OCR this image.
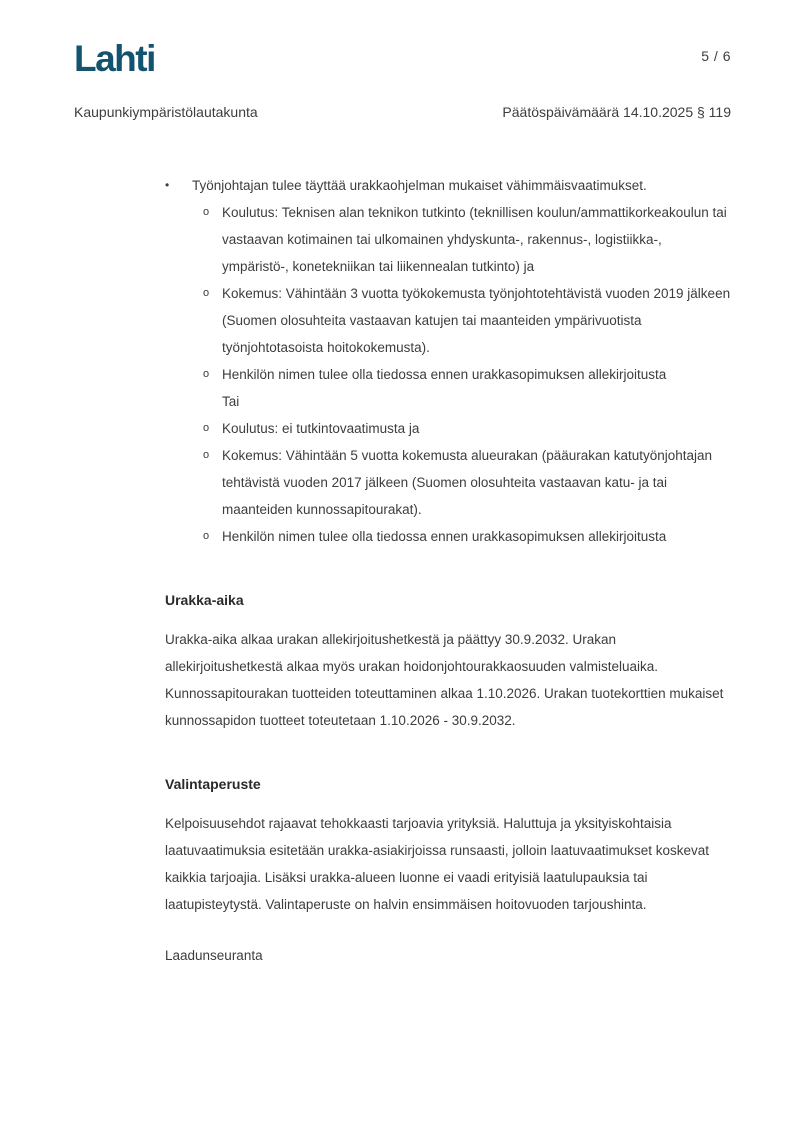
Lahti	5 / 6
Kaupunkiympäristölautakunta	Päätöspäivämäärä 14.10.2025 § 119
•	Työnjohtajan tulee täyttää urakkaohjelman mukaiset vähimmäisvaatimukset.
o Koulutus: Teknisen alan teknikon tutkinto (teknillisen koulun/ammattikorkeakoulun tai vastaavan kotimainen tai ulkomainen yhdyskunta-, rakennus-, logistiikka-, ympäristö-, konetekniikan tai liikennealan tutkinto) ja
o Kokemus: Vähintään 3 vuotta työkokemusta työnjohtotehtävistä vuoden 2019 jälkeen (Suomen olosuhteita vastaavan katujen tai maanteiden ympärivuotista työnjohtotasoista hoitokokemusta).
o Henkilön nimen tulee olla tiedossa ennen urakkasopimuksen allekirjoitusta
Tai
o Koulutus: ei tutkintovaatimusta ja
o Kokemus: Vähintään 5 vuotta kokemusta alueurakan (pääurakan katutyönjohtajan tehtävistä vuoden 2017 jälkeen (Suomen olosuhteita vastaavan katu- ja tai maanteiden kunnossapitourakat).
o Henkilön nimen tulee olla tiedossa ennen urakkasopimuksen allekirjoitusta
Urakka-aika
Urakka-aika alkaa urakan allekirjoitushetkestä ja päättyy 30.9.2032. Urakan allekirjoitushetkestä alkaa myös urakan hoidonjohtourakkaosuuden valmisteluaika. Kunnossapitourakan tuotteiden toteuttaminen alkaa 1.10.2026. Urakan tuotekorttien mukaiset kunnossapidon tuotteet toteutetaan 1.10.2026 - 30.9.2032.
Valintaperuste
Kelpoisuusehdot rajaavat tehokkaasti tarjoavia yrityksiä. Haluttuja ja yksityiskohtaisia laatuvaatimuksia esitetään urakka-asiakirjoissa runsaasti, jolloin laatuvaatimukset koskevat kaikkia tarjoajia. Lisäksi urakka-alueen luonne ei vaadi erityisiä laatulupauksia tai laatupisteytystä. Valintaperuste on halvin ensimmäisen hoitovuoden tarjoushinta.
Laadunseuranta
